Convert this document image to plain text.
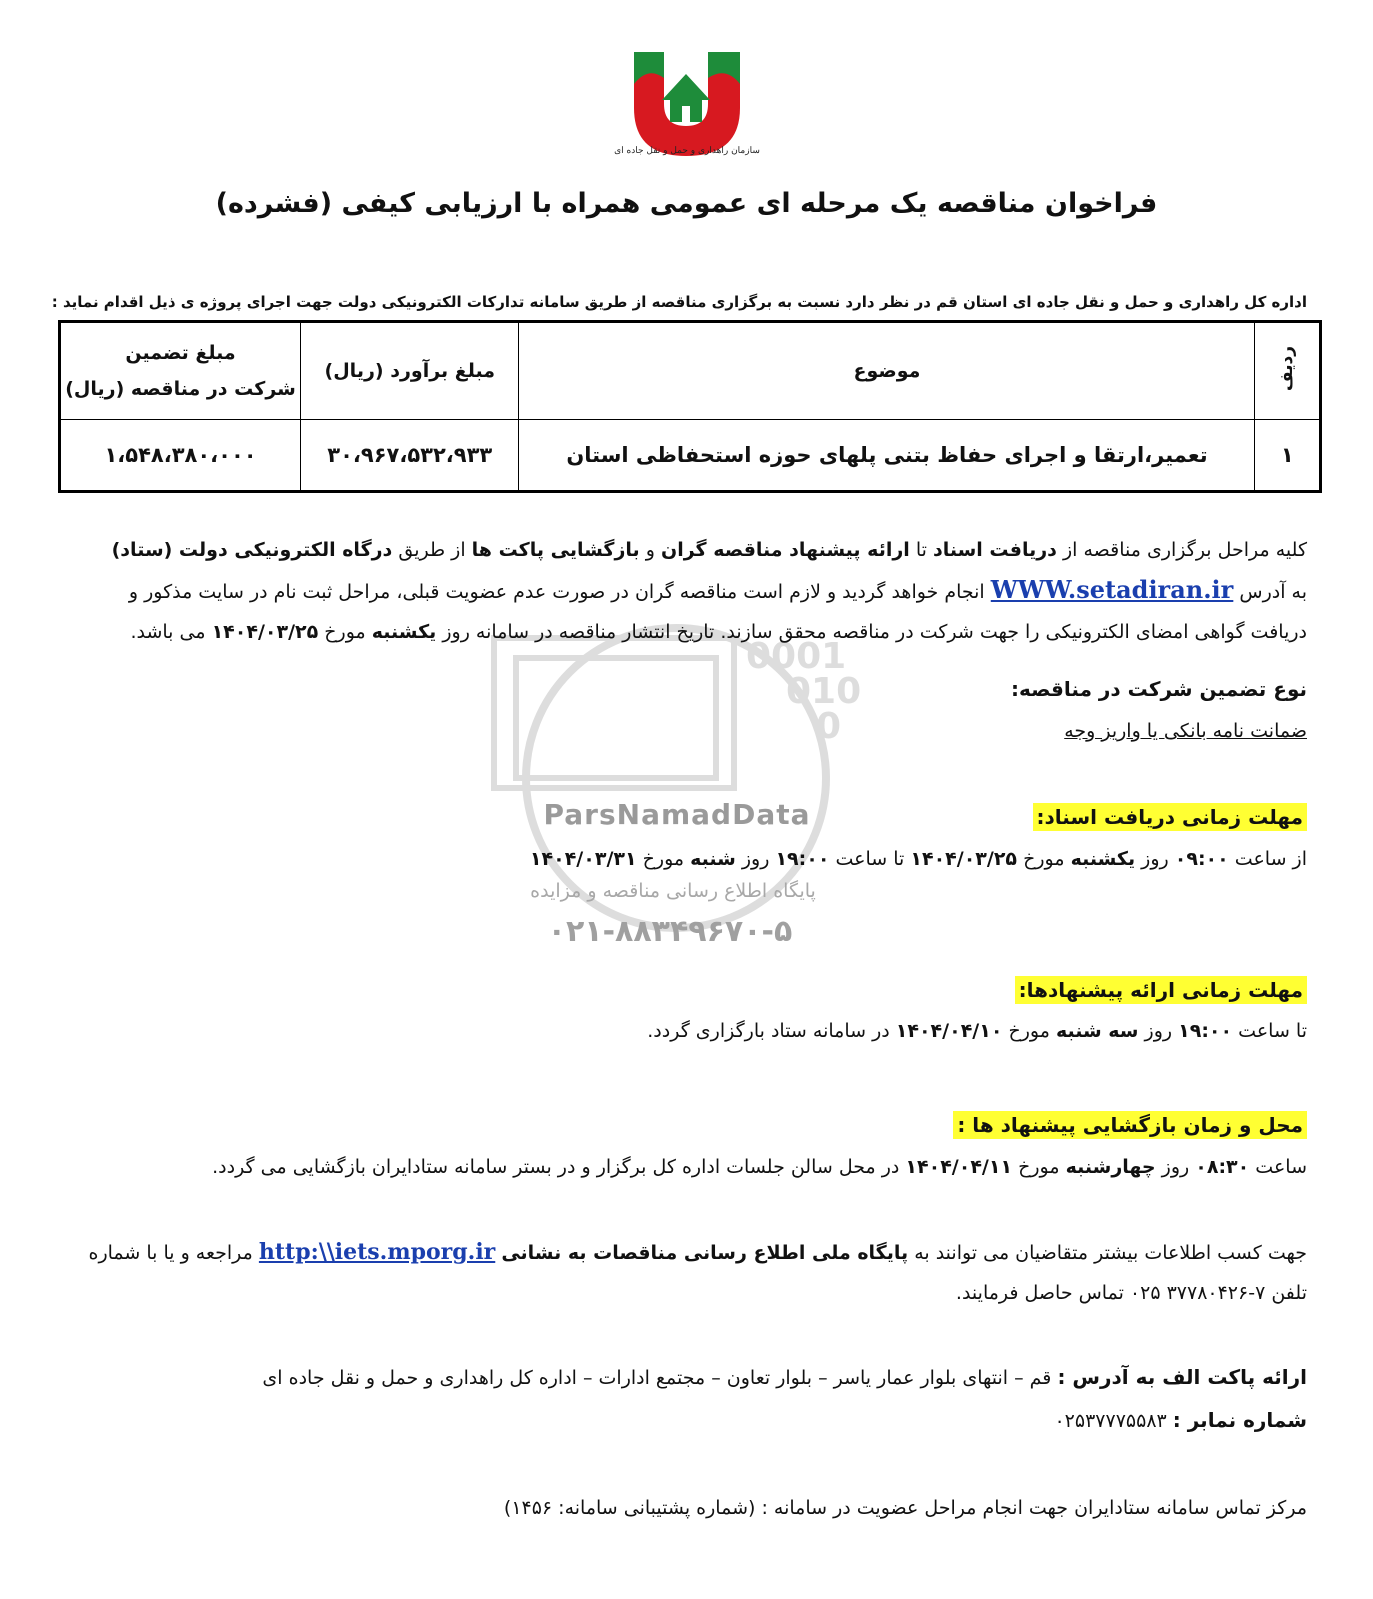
سازمان راهداری و حمل و نقل جاده ای
فراخوان مناقصه یک مرحله ای عمومی همراه با ارزیابی کیفی (فشرده)
اداره کل راهداری و حمل و نقل جاده ای استان قم در نظر دارد نسبت به برگزاری مناقصه از طریق سامانه تدارکات الکترونیکی دولت جهت اجرای پروژه ی ذیل اقدام نماید :
ردیف	موضوع	مبلغ برآورد (ریال)	مبلغ تضمین
شرکت در مناقصه (ریال)

۱	تعمیر،ارتقا و اجرای حفاظ بتنی پلهای حوزه استحفاظی استان	۳۰،۹۶۷،۵۳۲،۹۳۳	۱،۵۴۸،۳۸۰،۰۰۰
0001
010
0
ParsNamadData
پایگاه اطلاع رسانی مناقصه و مزایده
۰۲۱-۸۸۳۴۹۶۷۰-۵
کلیه مراحل برگزاری مناقصه از دریافت اسناد تا ارائه پیشنهاد مناقصه گران و بازگشایی پاکت ها از طریق درگاه الکترونیکی دولت (ستاد)
به آدرس WWW.setadiran.ir انجام خواهد گردید و لازم است مناقصه گران در صورت عدم عضویت قبلی، مراحل ثبت نام در سایت مذکور و
دریافت گواهی امضای الکترونیکی را جهت شرکت در مناقصه محقق سازند. تاریخ انتشار مناقصه در سامانه روز یکشنبه مورخ ۱۴۰۴/۰۳/۲۵ می باشد.
نوع تضمین شرکت در مناقصه:
ضمانت نامه بانکی یا واریز وجه
مهلت زمانی دریافت اسناد:
از ساعت ۰۹:۰۰ روز یکشنبه مورخ ۱۴۰۴/۰۳/۲۵ تا ساعت ۱۹:۰۰ روز شنبه مورخ ۱۴۰۴/۰۳/۳۱
مهلت زمانی ارائه پیشنهادها:
تا ساعت ۱۹:۰۰ روز سه شنبه مورخ ۱۴۰۴/۰۴/۱۰ در سامانه ستاد بارگزاری گردد.
محل و زمان بازگشایی پیشنهاد ها :
ساعت ۰۸:۳۰ روز چهارشنبه مورخ ۱۴۰۴/۰۴/۱۱ در محل سالن جلسات اداره کل برگزار و در بستر سامانه ستادایران بازگشایی می گردد.
جهت کسب اطلاعات بیشتر متقاضیان می توانند به پایگاه ملی اطلاع رسانی مناقصات به نشانی http:\\iets.mporg.ir مراجعه و یا با شماره
تلفن ۷-۳۷۷۸۰۴۲۶ ۰۲۵ تماس حاصل فرمایند.
ارائه پاکت الف به آدرس : قم – انتهای بلوار عمار یاسر – بلوار تعاون – مجتمع ادارات – اداره کل راهداری و حمل و نقل جاده ای
شماره نمابر : ۰۲۵۳۷۷۷۵۵۸۳
مرکز تماس سامانه ستادایران جهت انجام مراحل عضویت در سامانه : (شماره پشتیبانی سامانه: ۱۴۵۶)
